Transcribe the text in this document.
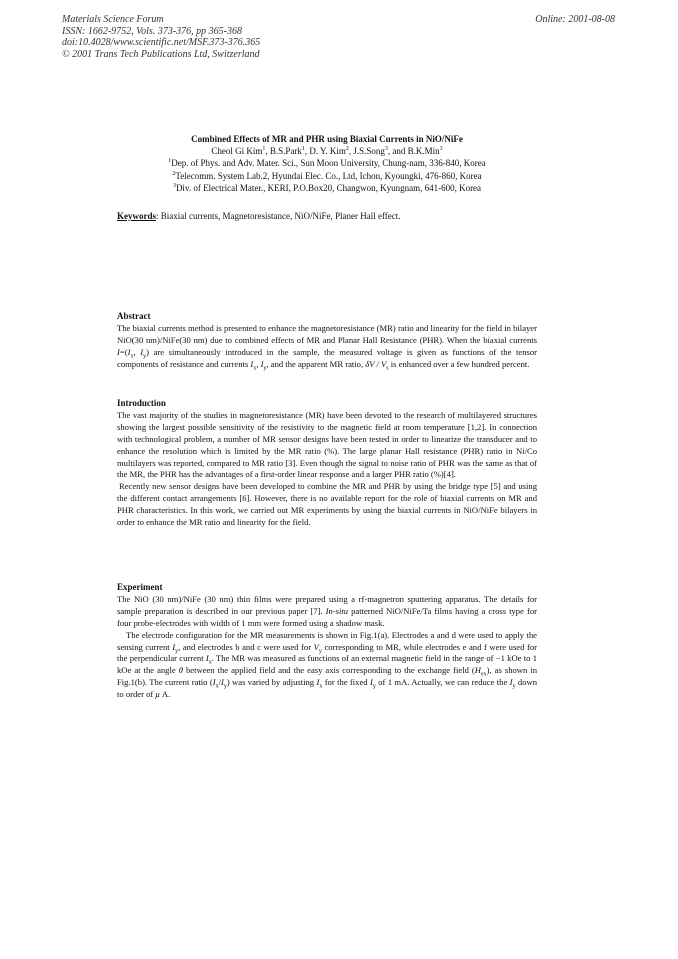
Materials Science Forum
ISSN: 1662-9752, Vols. 373-376, pp 365-368
doi:10.4028/www.scientific.net/MSF.373-376.365
© 2001 Trans Tech Publications Ltd, Switzerland
Online: 2001-08-08
Combined Effects of MR and PHR using Biaxial Currents in NiO/NiFe
Cheol Gi Kim$^1$, B.S.Park$^1$, D. Y. Kim$^2$, J.S.Song$^3$, and B.K.Min$^3$
$^1$Dep. of Phys. and Adv. Mater. Sci., Sun Moon University, Chung-nam, 336-840, Korea
$^2$Telecomm. System Lab.2, Hyundai Elec. Co., Ltd, Ichon, Kyoungki, 476-860, Korea
$^3$Div. of Electrical Mater., KERI, P.O.Box20, Changwon, Kyungnam, 641-600, Korea
Keywords: Biaxial currents, Magnetoresistance, NiO/NiFe, Planer Hall effect.
Abstract

The biaxial currents method is presented to enhance the magnetoresistance (MR) ratio and linearity for the field in bilayer NiO(30 nm)/NiFe(30 nm) due to combined effects of MR and Planar Hall Resistance (PHR). When the biaxial currents $I=(I_x$, $I_y$) are simultaneously introduced in the sample, the measured voltage is given as functions of the tensor components of resistance and currents $I_x$, $I_y$, and the apparent MR ratio, δV / $V_s$ is enhanced over a few hundred percent.

Introduction

The vast majority of the studies in magnetoresistance (MR) have been devoted to the research of multilayered structures showing the largest possible sensitivity of the resistivity to the magnetic field at room temperature [1,2]. In connection with technological problem, a number of MR sensor designs have been tested in order to linearize the transducer and to enhance the resolution which is limited by the MR ratio (%). The large planar Hall resistance (PHR) ratio in Ni/Co multilayers was reported, compared to MR ratio [3]. Even though the signal to noise ratio of PHR was the same as that of the MR, the PHR has the advantages of a first-order linear response and a larger PHR ratio (%)[4].

Recently new sensor designs have been developed to combine the MR and PHR by using the bridge type [5] and using the different contact arrangements [6]. However, there is no available report for the role of biaxial currents on MR and PHR characteristics. In this work, we carried out MR experiments by using the biaxial currents in NiO/NiFe bilayers in order to enhance the MR ratio and linearity for the field.

Experiment

The NiO (30 nm)/NiFe (30 nm) thin films were prepared using a rf-magnetron sputtering apparatus. The details for sample preparation is described in our previous paper [7]. In-situ patterned NiO/NiFe/Ta films having a cross type for four probe-electrodes with width of 1 mm were formed using a shadow mask.

The electrode configuration for the MR measurements is shown in Fig.1(a). Electrodes a and d were used to apply the sensing current $I_y$, and electrodes b and c were used for $V_y$ corresponding to MR, while electrodes e and f were used for the perpendicular current $I_x$. The MR was measured as functions of an external magnetic field in the range of −1 kOe to 1 kOe at the angle θ between the applied field and the easy axis corresponding to the exchange field $(H_{ex})$, as shown in Fig.1(b). The current ratio $(I_x/I_y)$ was varied by adjusting $I_x$ for the fixed $I_y$ of 1 mA. Actually, we can reduce the $I_y$ down to order of μ A.
